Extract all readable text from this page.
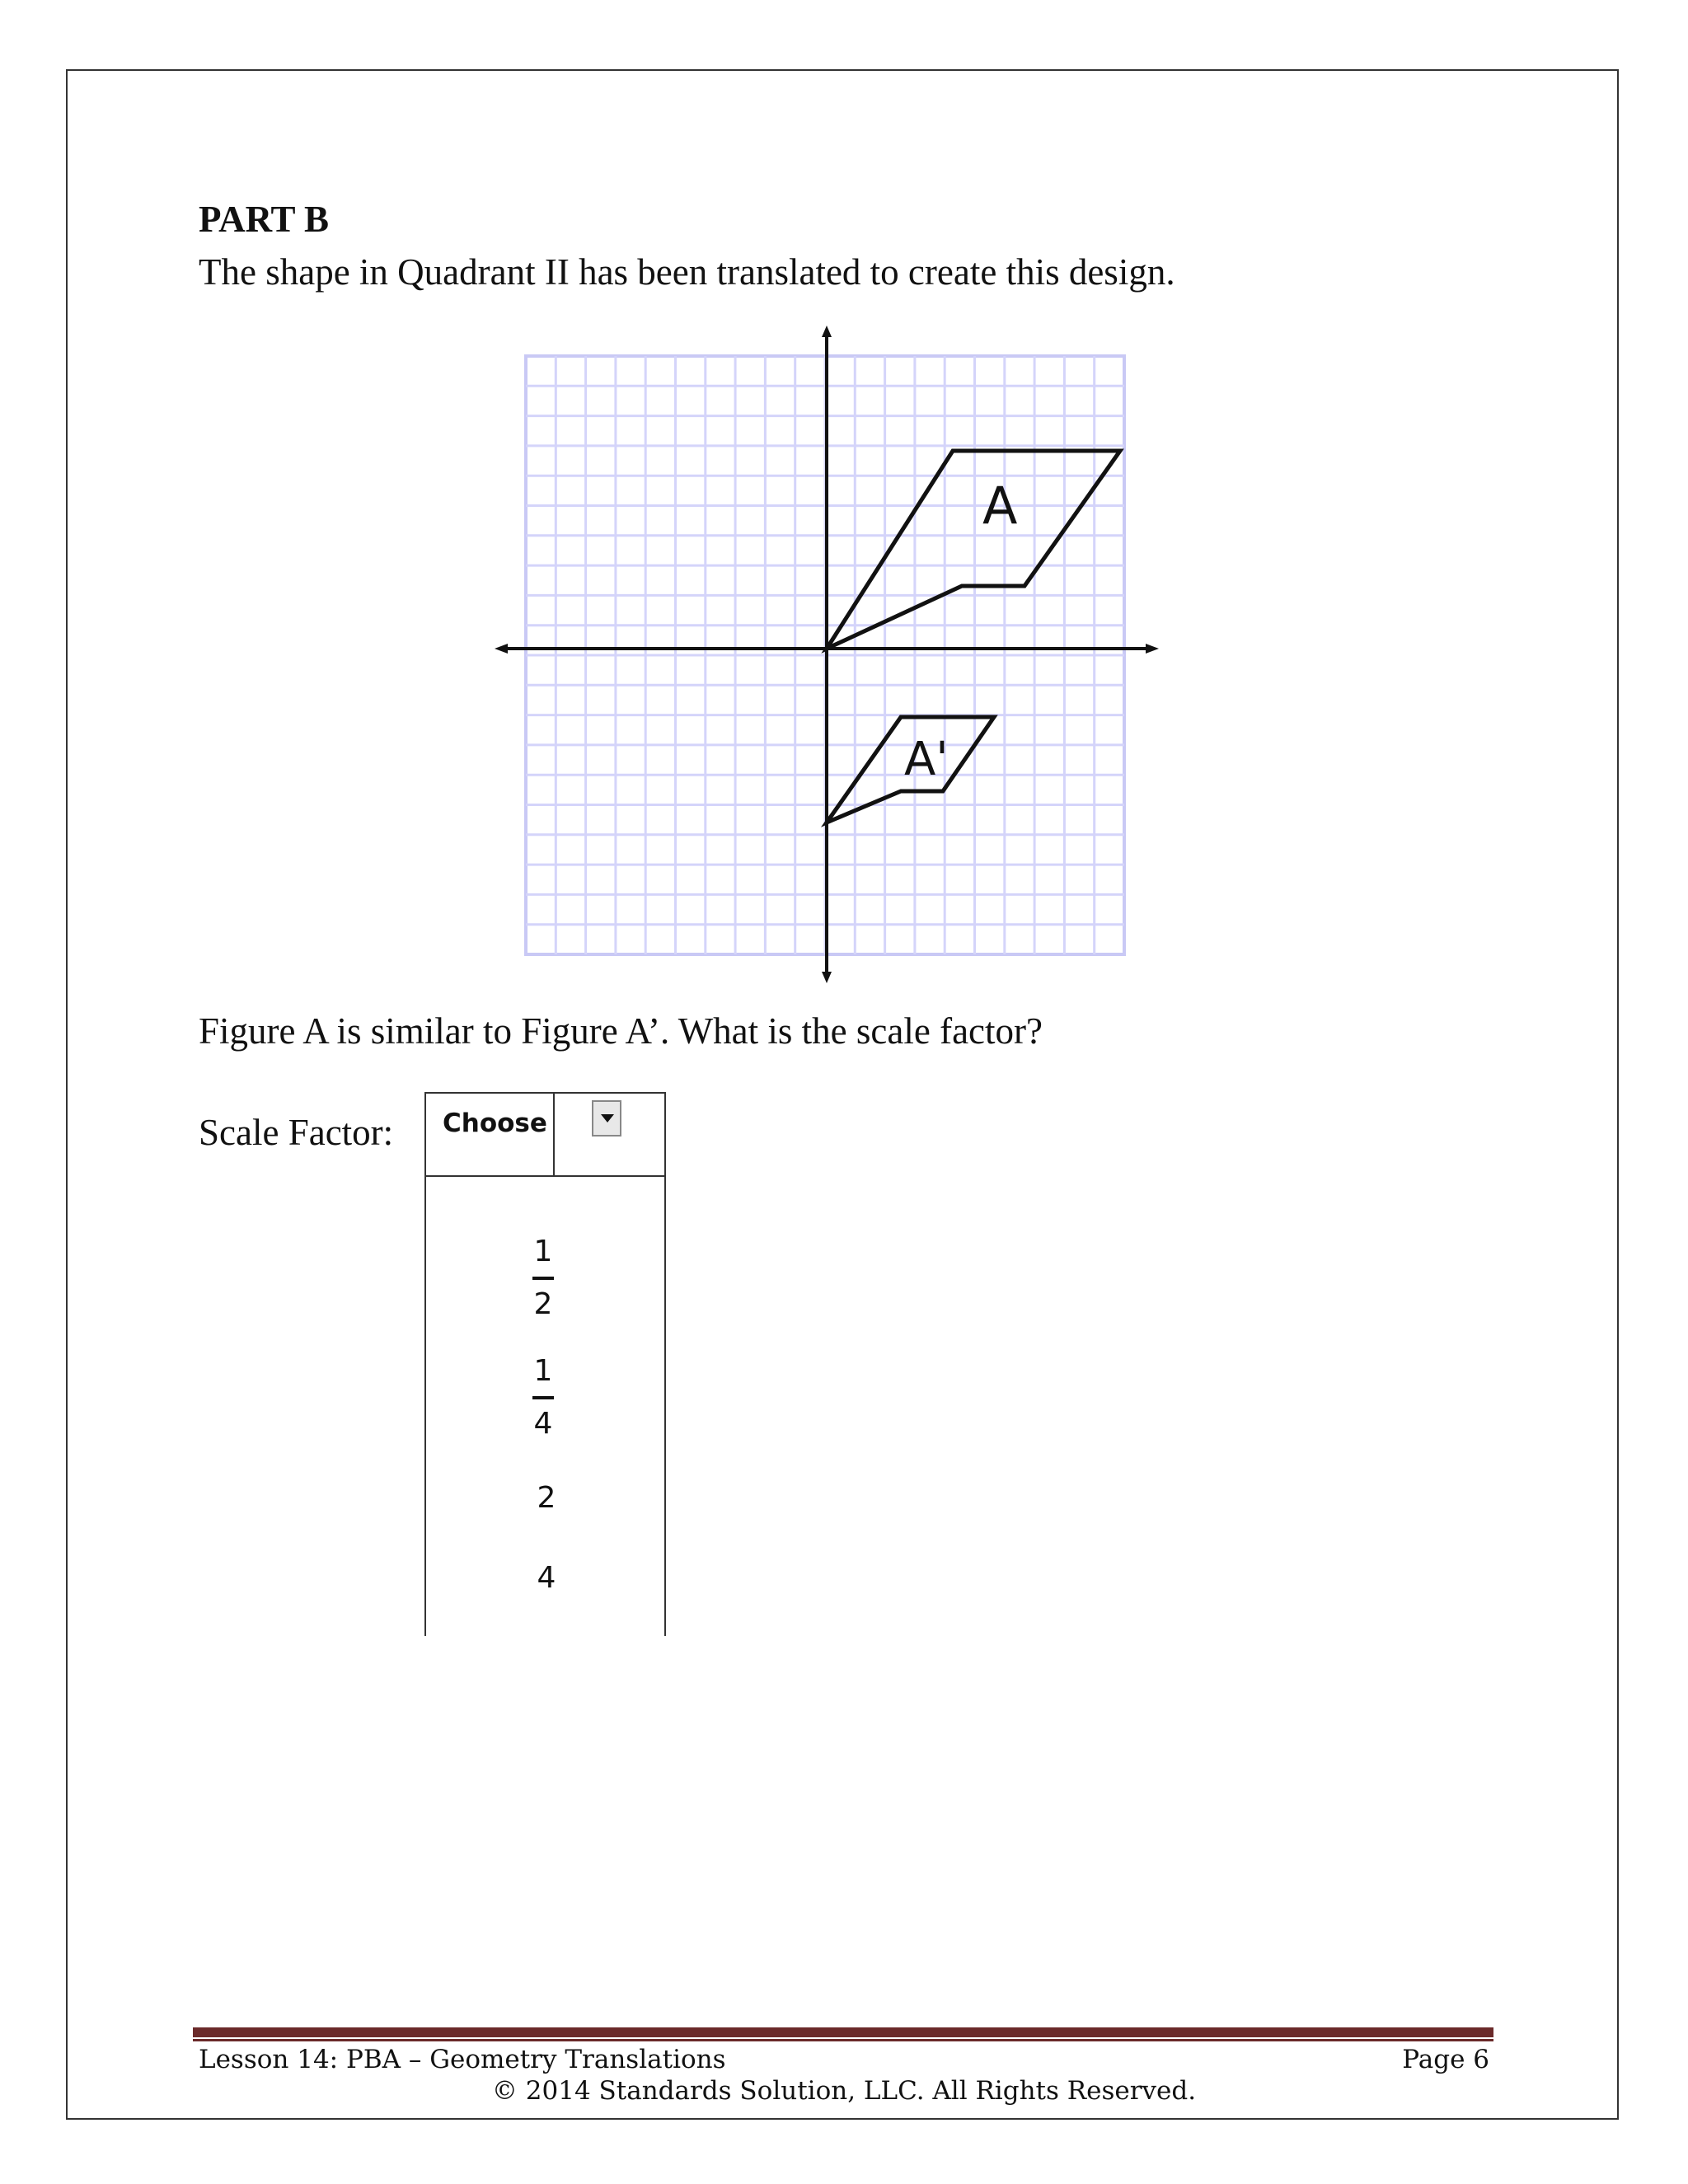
PART B
The shape in Quadrant II has been translated to create this design.
A
A'
Figure A is similar to Figure A’. What is the scale factor?
Scale Factor: Choose
1
2
1
4
2
4
Lesson 14: PBA – Geometry Translations	Page 6
© 2014 Standards Solution, LLC. All Rights Reserved.
